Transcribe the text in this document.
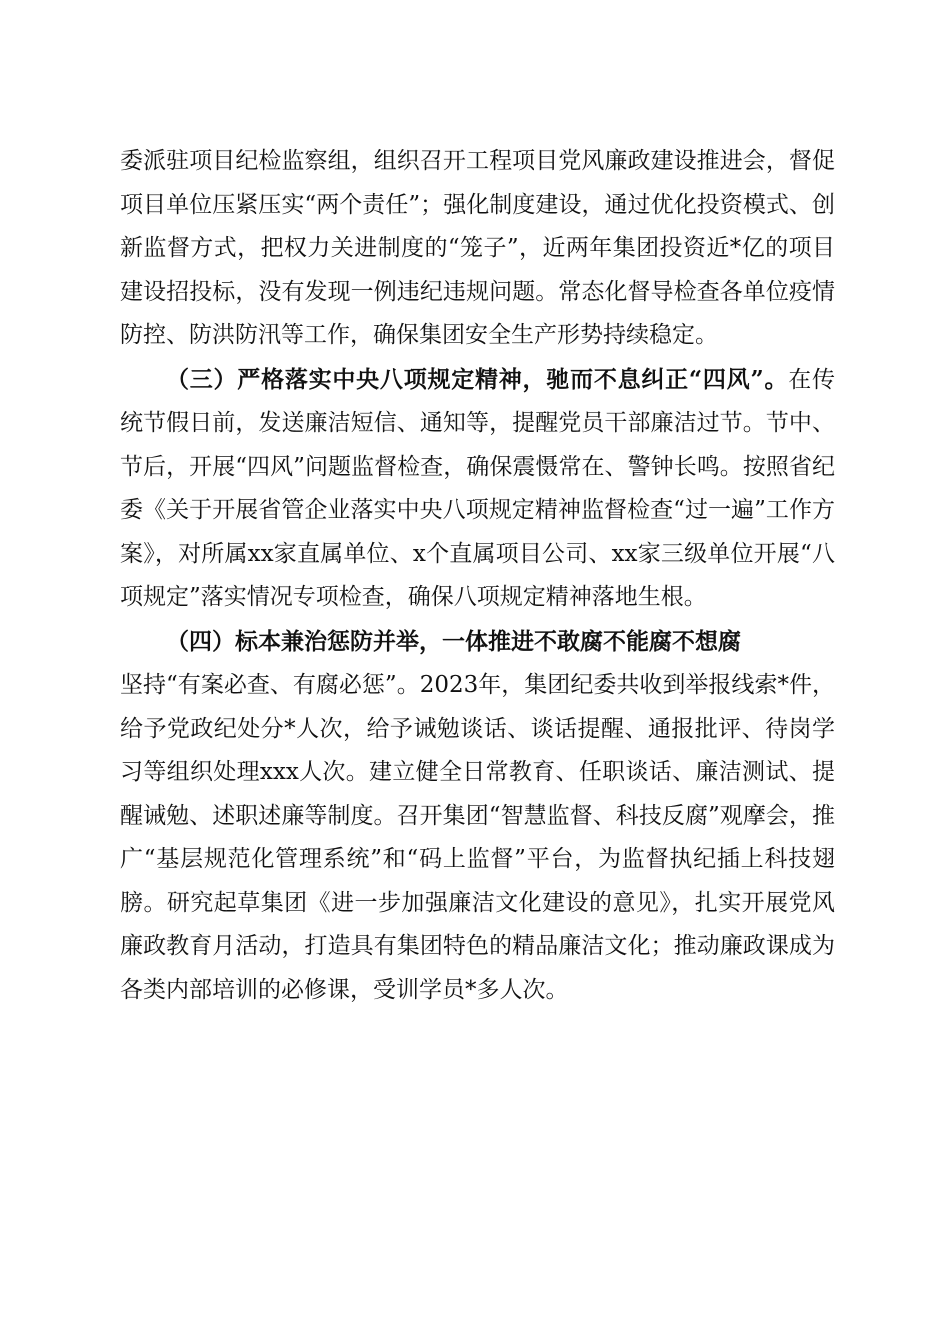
委派驻项目纪检监察组，组织召开工程项目党风廉政建设推进会，督促项目单位压紧压实“两个责任”；强化制度建设，通过优化投资模式、创新监督方式，把权力关进制度的“笼子”，近两年集团投资近*亿的项目建设招投标，没有发现一例违纪违规问题。常态化督导检查各单位疫情防控、防洪防汛等工作，确保集团安全生产形势持续稳定。

（三）严格落实中央八项规定精神，驰而不息纠正“四风”。在传统节假日前，发送廉洁短信、通知等，提醒党员干部廉洁过节。节中、节后，开展“四风”问题监督检查，确保震慑常在、警钟长鸣。按照省纪委《关于开展省管企业落实中央八项规定精神监督检查“过一遍”工作方案》，对所属xx家直属单位、x个直属项目公司、xx家三级单位开展“八项规定”落实情况专项检查，确保八项规定精神落地生根。

（四）标本兼治惩防并举，一体推进不敢腐不能腐不想腐

坚持“有案必查、有腐必惩”。2023年，集团纪委共收到举报线索*件，给予党政纪处分*人次，给予诫勉谈话、谈话提醒、通报批评、待岗学习等组织处理xxx人次。建立健全日常教育、任职谈话、廉洁测试、提醒诫勉、述职述廉等制度。召开集团“智慧监督、科技反腐”观摩会，推广“基层规范化管理系统”和“码上监督”平台，为监督执纪插上科技翅膀。研究起草集团《进一步加强廉洁文化建设的意见》，扎实开展党风廉政教育月活动，打造具有集团特色的精品廉洁文化；推动廉政课成为各类内部培训的必修课，受训学员*多人次。
